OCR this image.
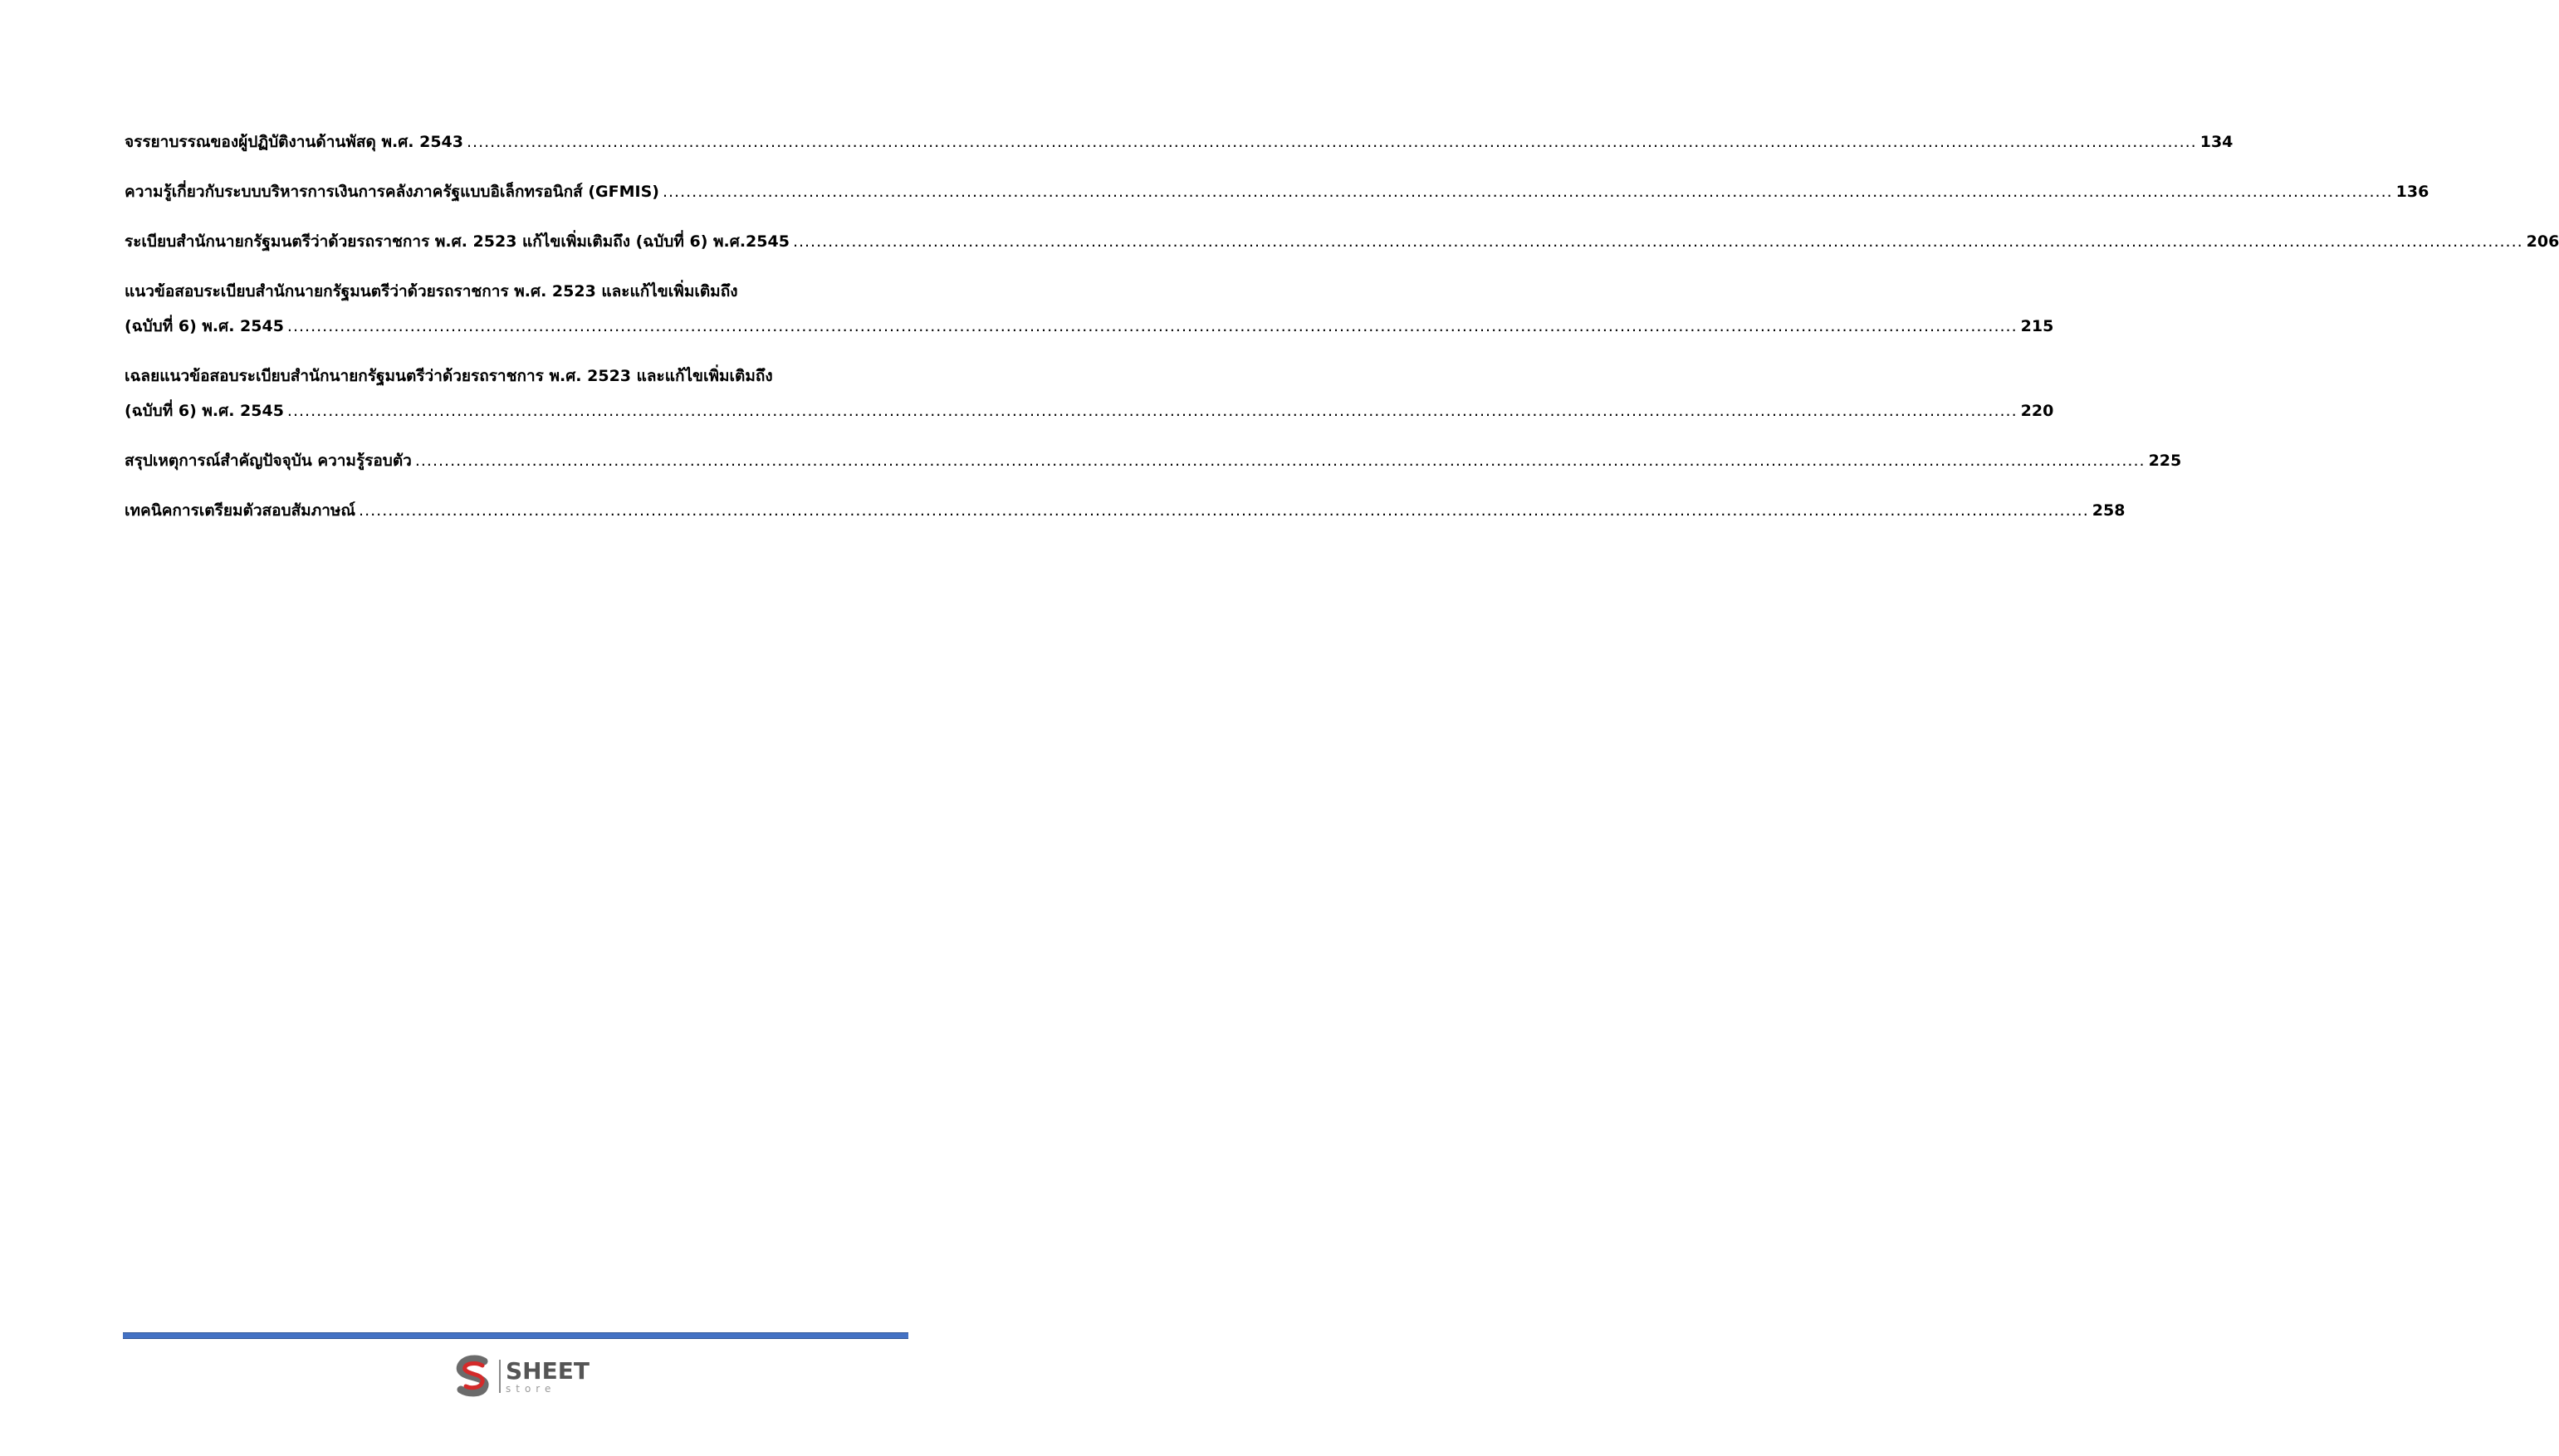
จรรยาบรรณของผู้ปฏิบัติงานด้านพัสดุ พ.ศ. 2543 .....	134
ความรู้เกี่ยวกับระบบบริหารการเงินการคลังภาครัฐแบบอิเล็กทรอนิกส์ (GFMIS) .....	136
ระเบียบสำนักนายกรัฐมนตรีว่าด้วยรถราชการ พ.ศ. 2523 แก้ไขเพิ่มเติมถึง (ฉบับที่ 6) พ.ศ.2545 .....	206
แนวข้อสอบระเบียบสำนักนายกรัฐมนตรีว่าด้วยรถราชการ พ.ศ. 2523 และแก้ไขเพิ่มเติมถึง
(ฉบับที่ 6) พ.ศ. 2545 .....	215
เฉลยแนวข้อสอบระเบียบสำนักนายกรัฐมนตรีว่าด้วยรถราชการ พ.ศ. 2523 และแก้ไขเพิ่มเติมถึง
(ฉบับที่ 6) พ.ศ. 2545 .....	220
สรุปเหตุการณ์สำคัญปัจจุบัน ความรู้รอบตัว .....	225
เทคนิคการเตรียมตัวสอบสัมภาษณ์ .....	258
SHEET
store
